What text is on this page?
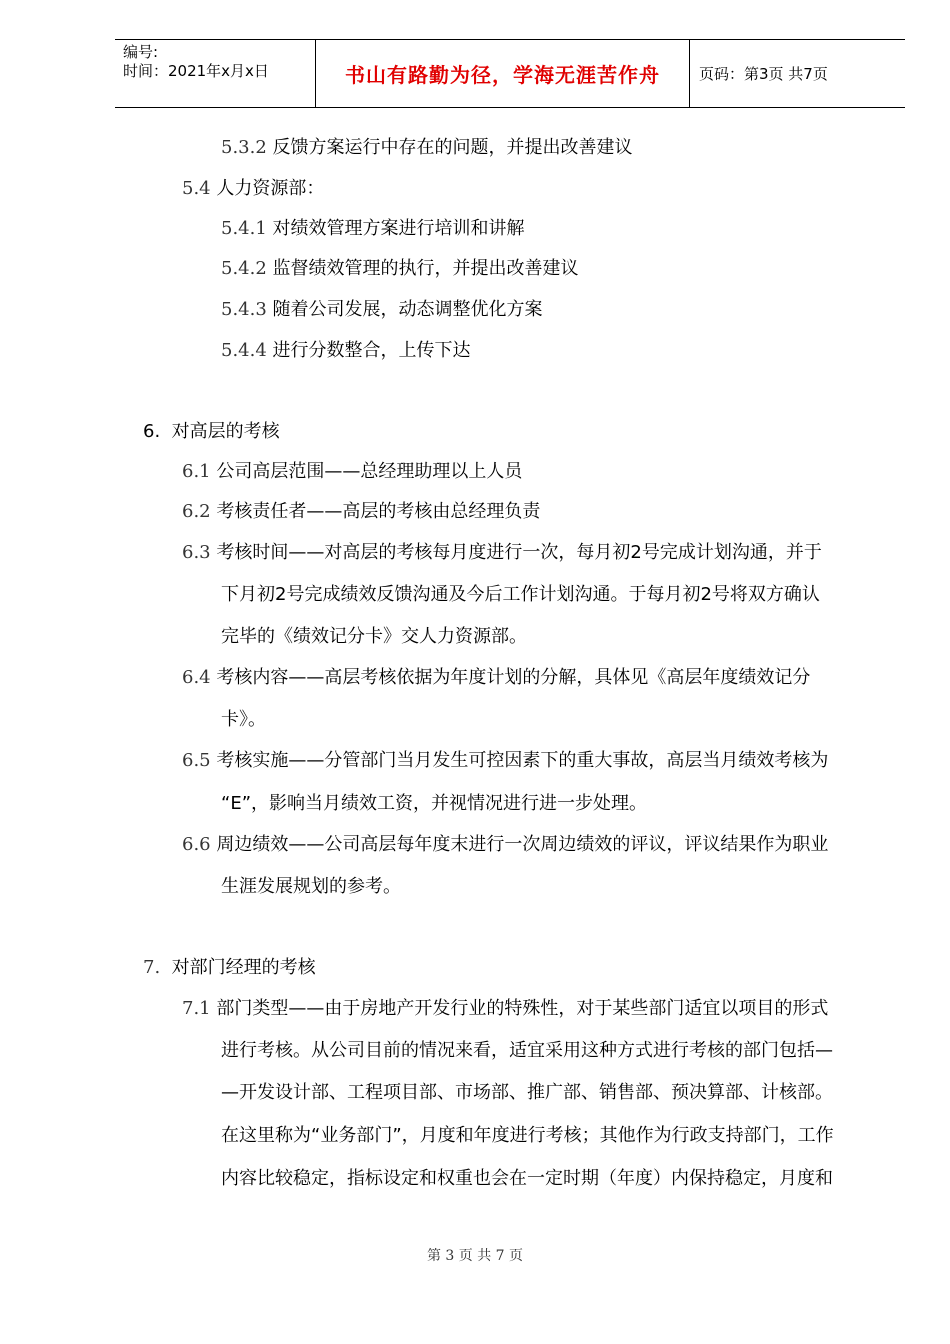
编号:
时间：2021年x月x日	书山有路勤为径，学海无涯苦作舟	页码：第3页 共7页
5.3.2 反馈方案运行中存在的问题，并提出改善建议
5.4 人力资源部：
5.4.1 对绩效管理方案进行培训和讲解
5.4.2 监督绩效管理的执行，并提出改善建议
5.4.3 随着公司发展，动态调整优化方案
5.4.4 进行分数整合，上传下达
6. 对高层的考核
6.1 公司高层范围——总经理助理以上人员
6.2 考核责任者——高层的考核由总经理负责
6.3 考核时间——对高层的考核每月度进行一次，每月初2号完成计划沟通，并于
下月初2号完成绩效反馈沟通及今后工作计划沟通。于每月初2号将双方确认
完毕的《绩效记分卡》交人力资源部。
6.4 考核内容——高层考核依据为年度计划的分解，具体见《高层年度绩效记分
卡》。
6.5 考核实施——分管部门当月发生可控因素下的重大事故，高层当月绩效考核为
“E”，影响当月绩效工资，并视情况进行进一步处理。
6.6 周边绩效——公司高层每年度末进行一次周边绩效的评议，评议结果作为职业
生涯发展规划的参考。
7. 对部门经理的考核
7.1 部门类型——由于房地产开发行业的特殊性，对于某些部门适宜以项目的形式
进行考核。从公司目前的情况来看，适宜采用这种方式进行考核的部门包括—
—开发设计部、工程项目部、市场部、推广部、销售部、预决算部、计核部。
在这里称为“业务部门”，月度和年度进行考核；其他作为行政支持部门，工作
内容比较稳定，指标设定和权重也会在一定时期（年度）内保持稳定，月度和
第 3 页 共 7 页
